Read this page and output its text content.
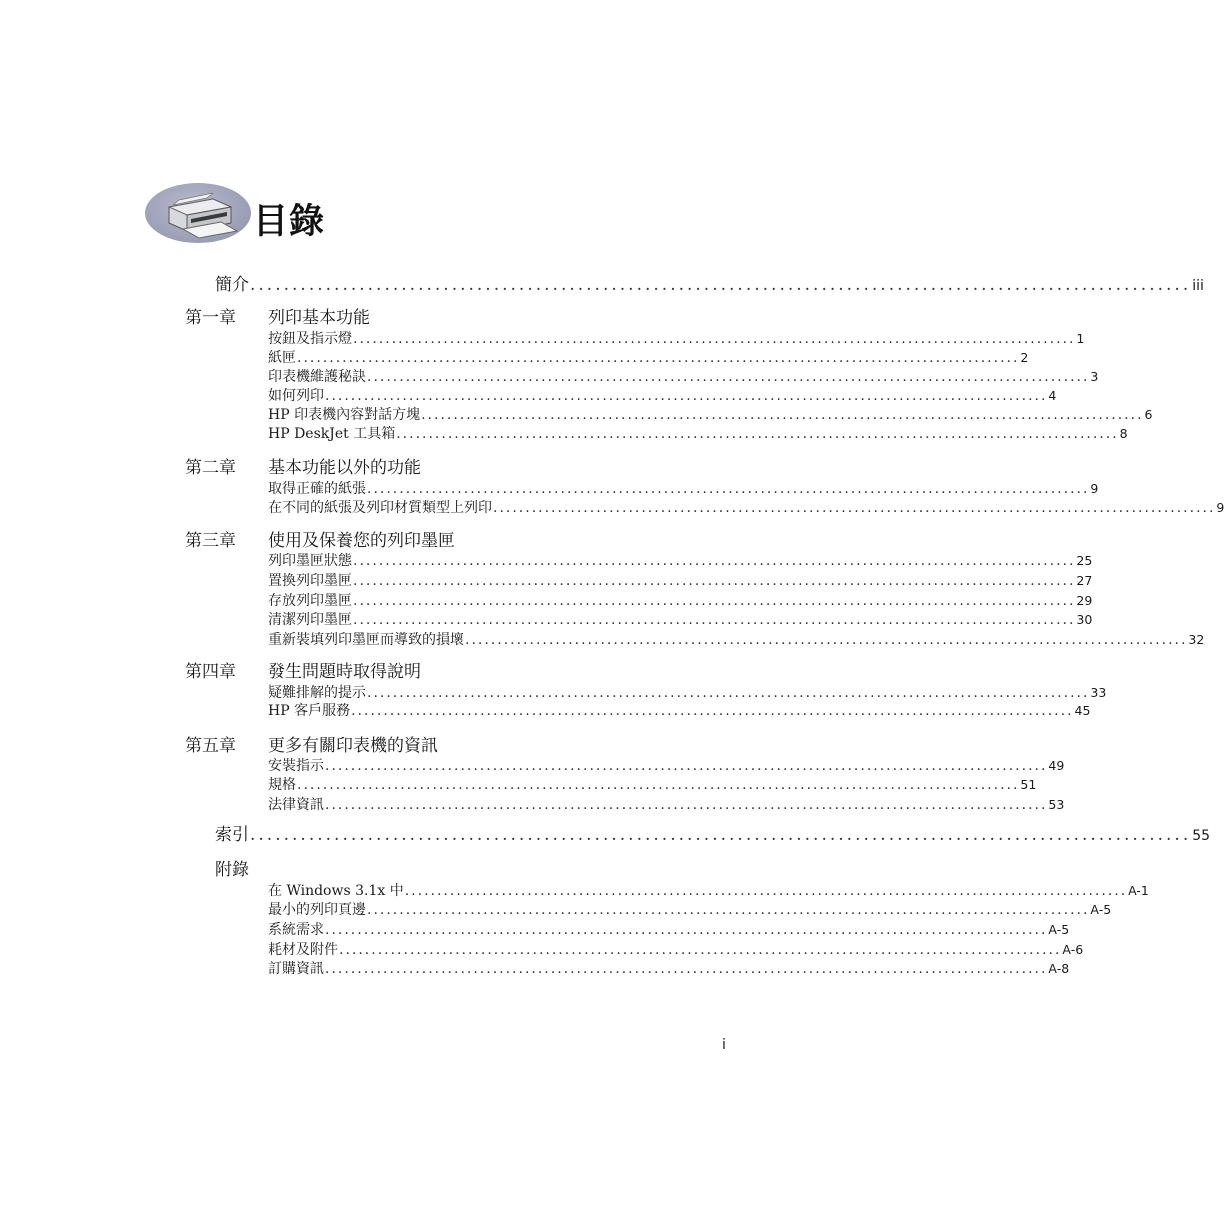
目錄
簡介 ................................................................................................................ iii
第一章 列印基本功能
按鈕及指示燈 ................................................................................................................ 1
紙匣 ................................................................................................................ 2
印表機維護秘訣 ................................................................................................................ 3
如何列印 ................................................................................................................ 4
HP 印表機內容對話方塊 ................................................................................................................ 6
HP DeskJet 工具箱 ................................................................................................................ 8
第二章 基本功能以外的功能
取得正確的紙張 ................................................................................................................ 9
在不同的紙張及列印材質類型上列印 ................................................................................................................ 9
第三章 使用及保養您的列印墨匣
列印墨匣狀態 ................................................................................................................ 25
置換列印墨匣 ................................................................................................................ 27
存放列印墨匣 ................................................................................................................ 29
清潔列印墨匣 ................................................................................................................ 30
重新裝填列印墨匣而導致的損壞 ................................................................................................................ 32
第四章 發生問題時取得說明
疑難排解的提示 ................................................................................................................ 33
HP 客戶服務 ................................................................................................................ 45
第五章 更多有關印表機的資訊
安裝指示 ................................................................................................................ 49
規格 ................................................................................................................ 51
法律資訊 ................................................................................................................ 53
索引 ................................................................................................................ 55
附錄
在 Windows 3.1x 中 ................................................................................................................ A-1
最小的列印頁邊 ................................................................................................................ A-5
系統需求 ................................................................................................................ A-5
耗材及附件 ................................................................................................................ A-6
訂購資訊 ................................................................................................................ A-8
i
